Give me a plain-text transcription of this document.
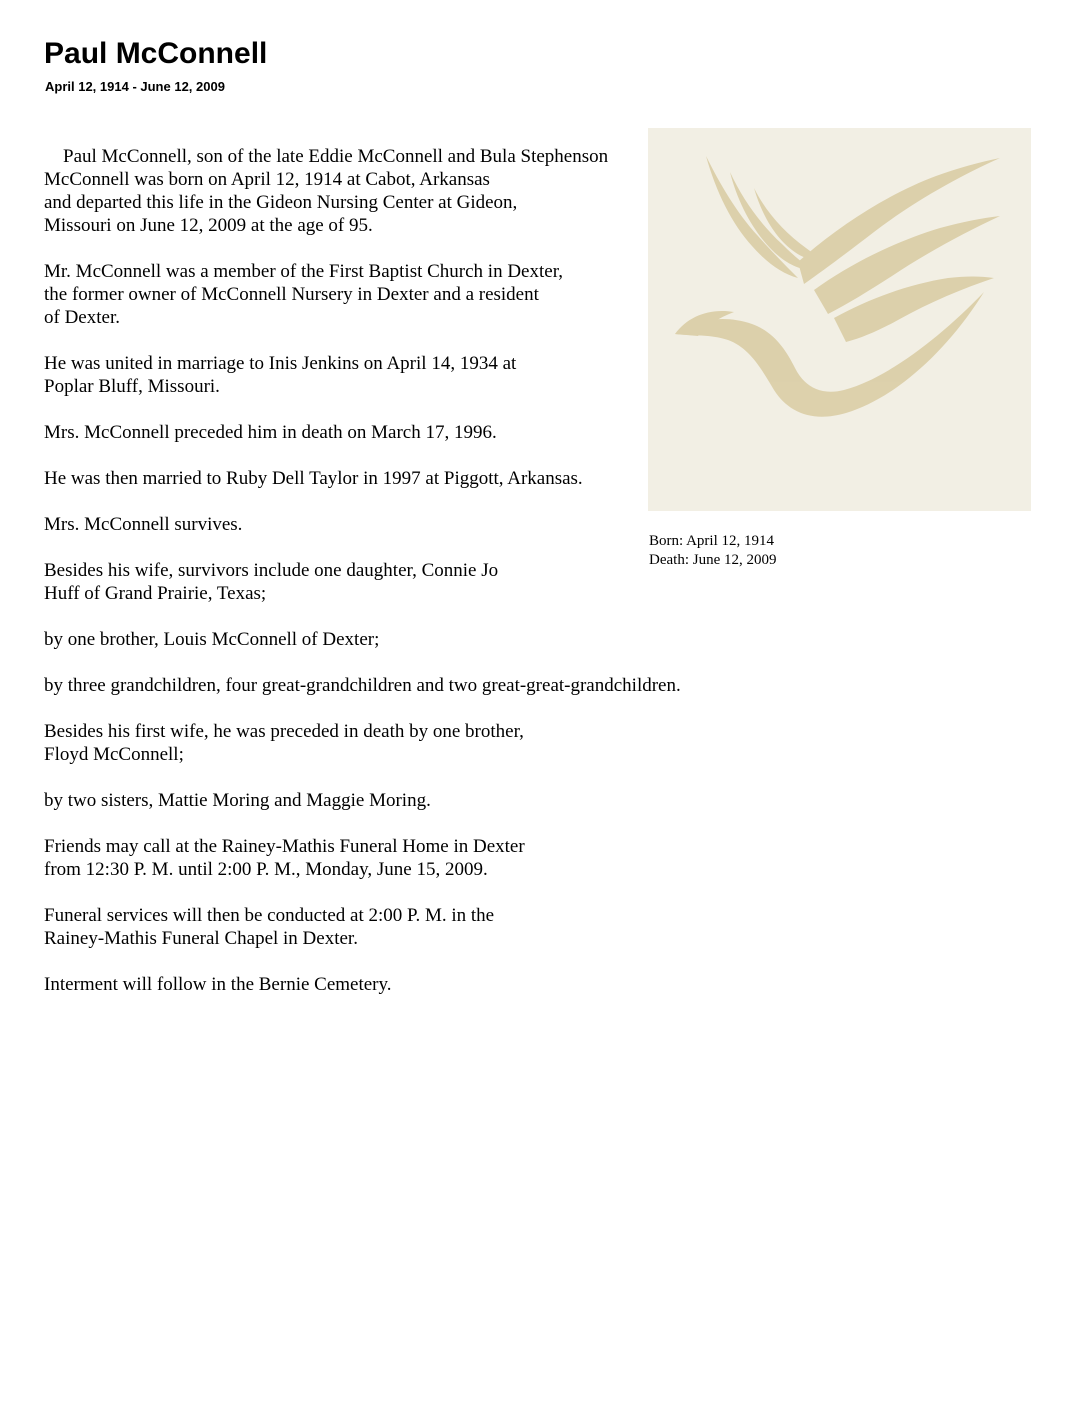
Paul McConnell
April 12, 1914 - June 12, 2009
Born: April 12, 1914
Death: June 12, 2009

Paul McConnell, son of the late Eddie McConnell and Bula Stephenson
McConnell was born on April 12, 1914 at Cabot, Arkansas
and departed this life in the Gideon Nursing Center at Gideon,
Missouri on June 12, 2009 at the age of 95.

Mr. McConnell was a member of the First Baptist Church in Dexter,
the former owner of McConnell Nursery in Dexter and a resident
of Dexter.

He was united in marriage to Inis Jenkins on April 14, 1934 at
Poplar Bluff, Missouri.

Mrs. McConnell preceded him in death on March 17, 1996.

He was then married to Ruby Dell Taylor in 1997 at Piggott, Arkansas.

Mrs. McConnell survives.

Besides his wife, survivors include one daughter, Connie Jo
Huff of Grand Prairie, Texas;

by one brother, Louis McConnell of Dexter;

by three grandchildren, four great-grandchildren and two great-great-grandchildren.

Besides his first wife, he was preceded in death by one brother,
Floyd McConnell;

by two sisters, Mattie Moring and Maggie Moring.

Friends may call at the Rainey-Mathis Funeral Home in Dexter
from 12:30 P. M. until 2:00 P. M., Monday, June 15, 2009.

Funeral services will then be conducted at 2:00 P. M. in the
Rainey-Mathis Funeral Chapel in Dexter.

Interment will follow in the Bernie Cemetery.
